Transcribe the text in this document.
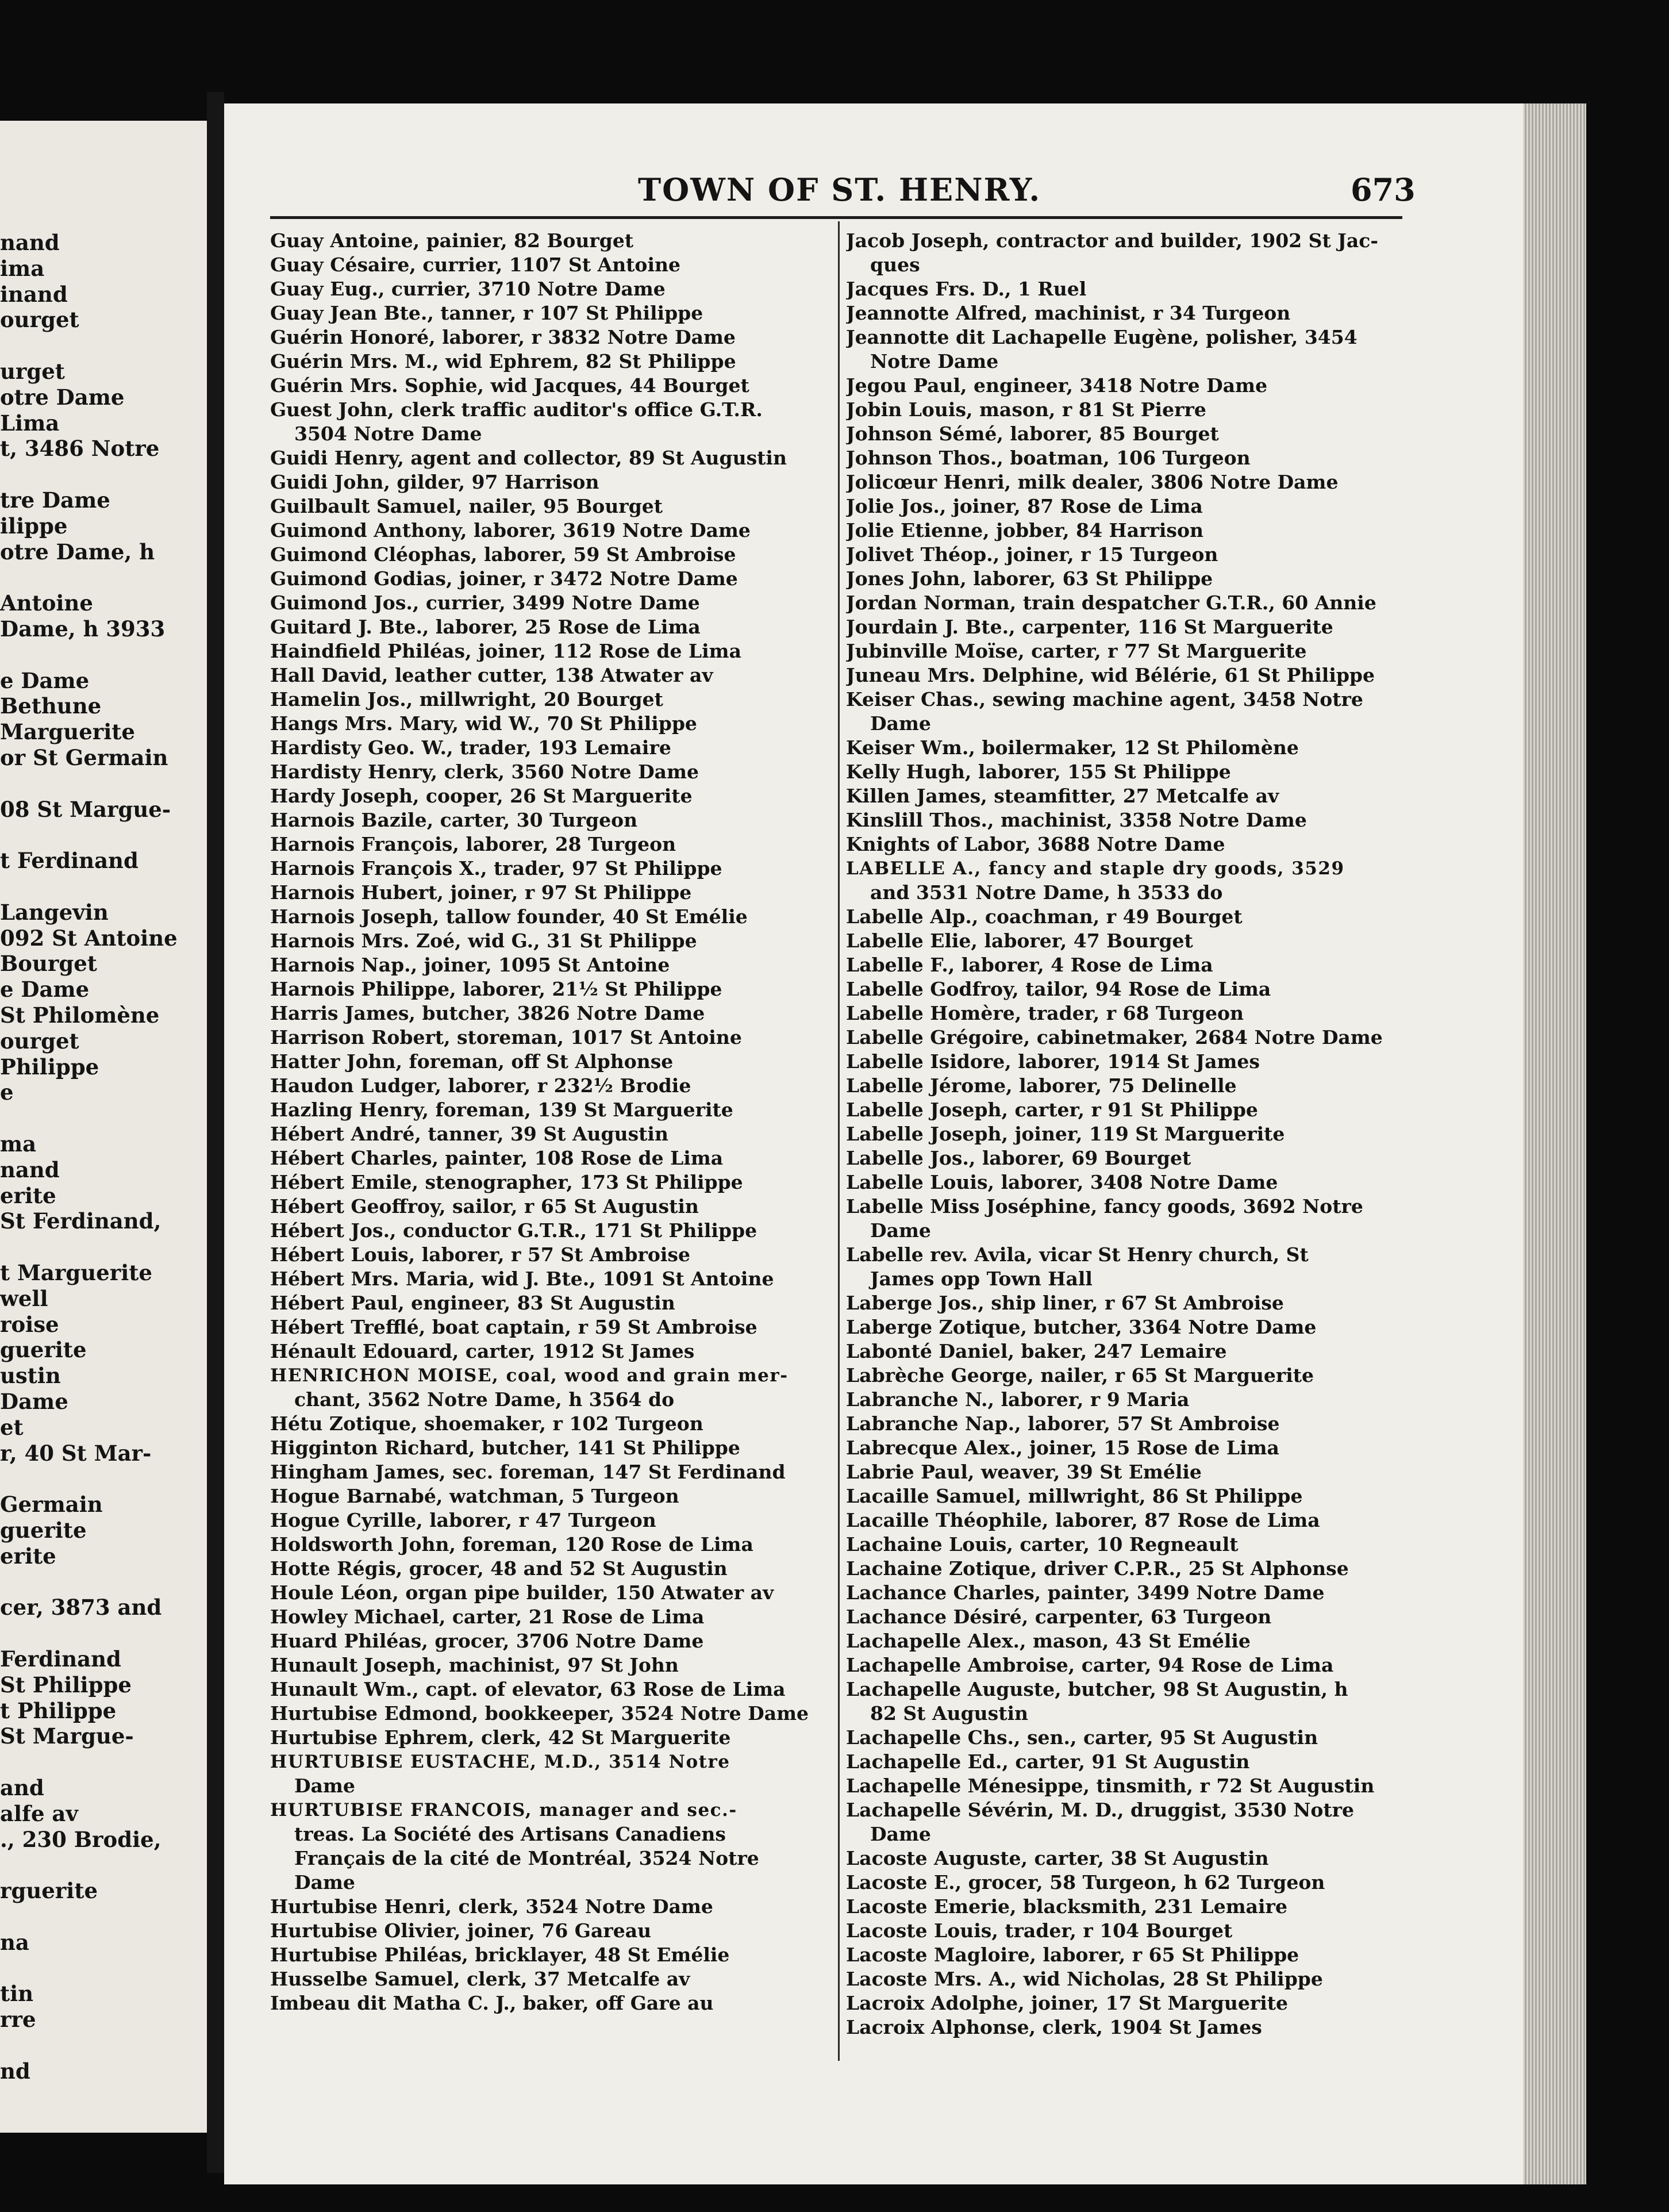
nand
ima
inand
ourget
urget
otre Dame
Lima
t, 3486 Notre
tre Dame
ilippe
otre Dame, h
Antoine
Dame, h 3933
e Dame
Bethune
Marguerite
or St Germain
08 St Margue-
t Ferdinand
Langevin
092 St Antoine
Bourget
e Dame
St Philomène
ourget
Philippe
e
ma
nand
erite
St Ferdinand,
t Marguerite
well
roise
guerite
ustin
Dame
et
r, 40 St Mar-
Germain
guerite
erite
cer, 3873 and
Ferdinand
St Philippe
t Philippe
St Margue-
and
alfe av
., 230 Brodie,
rguerite
na
tin
rre
nd
TOWN OF ST. HENRY.	673
Guay Antoine, painier, 82 Bourget
Guay Césaire, currier, 1107 St Antoine
Guay Eug., currier, 3710 Notre Dame
Guay Jean Bte., tanner, r 107 St Philippe
Guérin Honoré, laborer, r 3832 Notre Dame
Guérin Mrs. M., wid Ephrem, 82 St Philippe
Guérin Mrs. Sophie, wid Jacques, 44 Bourget
Guest John, clerk traffic auditor's office G.T.R.
3504 Notre Dame
Guidi Henry, agent and collector, 89 St Augustin
Guidi John, gilder, 97 Harrison
Guilbault Samuel, nailer, 95 Bourget
Guimond Anthony, laborer, 3619 Notre Dame
Guimond Cléophas, laborer, 59 St Ambroise
Guimond Godias, joiner, r 3472 Notre Dame
Guimond Jos., currier, 3499 Notre Dame
Guitard J. Bte., laborer, 25 Rose de Lima
Haindfield Philéas, joiner, 112 Rose de Lima
Hall David, leather cutter, 138 Atwater av
Hamelin Jos., millwright, 20 Bourget
Hangs Mrs. Mary, wid W., 70 St Philippe
Hardisty Geo. W., trader, 193 Lemaire
Hardisty Henry, clerk, 3560 Notre Dame
Hardy Joseph, cooper, 26 St Marguerite
Harnois Bazile, carter, 30 Turgeon
Harnois François, laborer, 28 Turgeon
Harnois François X., trader, 97 St Philippe
Harnois Hubert, joiner, r 97 St Philippe
Harnois Joseph, tallow founder, 40 St Emélie
Harnois Mrs. Zoé, wid G., 31 St Philippe
Harnois Nap., joiner, 1095 St Antoine
Harnois Philippe, laborer, 21½ St Philippe
Harris James, butcher, 3826 Notre Dame
Harrison Robert, storeman, 1017 St Antoine
Hatter John, foreman, off St Alphonse
Haudon Ludger, laborer, r 232½ Brodie
Hazling Henry, foreman, 139 St Marguerite
Hébert André, tanner, 39 St Augustin
Hébert Charles, painter, 108 Rose de Lima
Hébert Emile, stenographer, 173 St Philippe
Hébert Geoffroy, sailor, r 65 St Augustin
Hébert Jos., conductor G.T.R., 171 St Philippe
Hébert Louis, laborer, r 57 St Ambroise
Hébert Mrs. Maria, wid J. Bte., 1091 St Antoine
Hébert Paul, engineer, 83 St Augustin
Hébert Trefflé, boat captain, r 59 St Ambroise
Hénault Edouard, carter, 1912 St James
HENRICHON MOISE, coal, wood and grain mer-
chant, 3562 Notre Dame, h 3564 do
Hétu Zotique, shoemaker, r 102 Turgeon
Higginton Richard, butcher, 141 St Philippe
Hingham James, sec. foreman, 147 St Ferdinand
Hogue Barnabé, watchman, 5 Turgeon
Hogue Cyrille, laborer, r 47 Turgeon
Holdsworth John, foreman, 120 Rose de Lima
Hotte Régis, grocer, 48 and 52 St Augustin
Houle Léon, organ pipe builder, 150 Atwater av
Howley Michael, carter, 21 Rose de Lima
Huard Philéas, grocer, 3706 Notre Dame
Hunault Joseph, machinist, 97 St John
Hunault Wm., capt. of elevator, 63 Rose de Lima
Hurtubise Edmond, bookkeeper, 3524 Notre Dame
Hurtubise Ephrem, clerk, 42 St Marguerite
HURTUBISE EUSTACHE, M.D., 3514 Notre
Dame
HURTUBISE FRANCOIS, manager and sec.-
treas. La Société des Artisans Canadiens
Français de la cité de Montréal, 3524 Notre
Dame
Hurtubise Henri, clerk, 3524 Notre Dame
Hurtubise Olivier, joiner, 76 Gareau
Hurtubise Philéas, bricklayer, 48 St Emélie
Husselbe Samuel, clerk, 37 Metcalfe av
Imbeau dit Matha C. J., baker, off Gare au
Jacob Joseph, contractor and builder, 1902 St Jac-
ques
Jacques Frs. D., 1 Ruel
Jeannotte Alfred, machinist, r 34 Turgeon
Jeannotte dit Lachapelle Eugène, polisher, 3454
Notre Dame
Jegou Paul, engineer, 3418 Notre Dame
Jobin Louis, mason, r 81 St Pierre
Johnson Sémé, laborer, 85 Bourget
Johnson Thos., boatman, 106 Turgeon
Jolicœur Henri, milk dealer, 3806 Notre Dame
Jolie Jos., joiner, 87 Rose de Lima
Jolie Etienne, jobber, 84 Harrison
Jolivet Théop., joiner, r 15 Turgeon
Jones John, laborer, 63 St Philippe
Jordan Norman, train despatcher G.T.R., 60 Annie
Jourdain J. Bte., carpenter, 116 St Marguerite
Jubinville Moïse, carter, r 77 St Marguerite
Juneau Mrs. Delphine, wid Bélérie, 61 St Philippe
Keiser Chas., sewing machine agent, 3458 Notre
Dame
Keiser Wm., boilermaker, 12 St Philomène
Kelly Hugh, laborer, 155 St Philippe
Killen James, steamfitter, 27 Metcalfe av
Kinslill Thos., machinist, 3358 Notre Dame
Knights of Labor, 3688 Notre Dame
LABELLE A., fancy and staple dry goods, 3529
and 3531 Notre Dame, h 3533 do
Labelle Alp., coachman, r 49 Bourget
Labelle Elie, laborer, 47 Bourget
Labelle F., laborer, 4 Rose de Lima
Labelle Godfroy, tailor, 94 Rose de Lima
Labelle Homère, trader, r 68 Turgeon
Labelle Grégoire, cabinetmaker, 2684 Notre Dame
Labelle Isidore, laborer, 1914 St James
Labelle Jérome, laborer, 75 Delinelle
Labelle Joseph, carter, r 91 St Philippe
Labelle Joseph, joiner, 119 St Marguerite
Labelle Jos., laborer, 69 Bourget
Labelle Louis, laborer, 3408 Notre Dame
Labelle Miss Joséphine, fancy goods, 3692 Notre
Dame
Labelle rev. Avila, vicar St Henry church, St
James opp Town Hall
Laberge Jos., ship liner, r 67 St Ambroise
Laberge Zotique, butcher, 3364 Notre Dame
Labonté Daniel, baker, 247 Lemaire
Labrèche George, nailer, r 65 St Marguerite
Labranche N., laborer, r 9 Maria
Labranche Nap., laborer, 57 St Ambroise
Labrecque Alex., joiner, 15 Rose de Lima
Labrie Paul, weaver, 39 St Emélie
Lacaille Samuel, millwright, 86 St Philippe
Lacaille Théophile, laborer, 87 Rose de Lima
Lachaine Louis, carter, 10 Regneault
Lachaine Zotique, driver C.P.R., 25 St Alphonse
Lachance Charles, painter, 3499 Notre Dame
Lachance Désiré, carpenter, 63 Turgeon
Lachapelle Alex., mason, 43 St Emélie
Lachapelle Ambroise, carter, 94 Rose de Lima
Lachapelle Auguste, butcher, 98 St Augustin, h
82 St Augustin
Lachapelle Chs., sen., carter, 95 St Augustin
Lachapelle Ed., carter, 91 St Augustin
Lachapelle Ménesippe, tinsmith, r 72 St Augustin
Lachapelle Sévérin, M. D., druggist, 3530 Notre
Dame
Lacoste Auguste, carter, 38 St Augustin
Lacoste E., grocer, 58 Turgeon, h 62 Turgeon
Lacoste Emerie, blacksmith, 231 Lemaire
Lacoste Louis, trader, r 104 Bourget
Lacoste Magloire, laborer, r 65 St Philippe
Lacoste Mrs. A., wid Nicholas, 28 St Philippe
Lacroix Adolphe, joiner, 17 St Marguerite
Lacroix Alphonse, clerk, 1904 St James
